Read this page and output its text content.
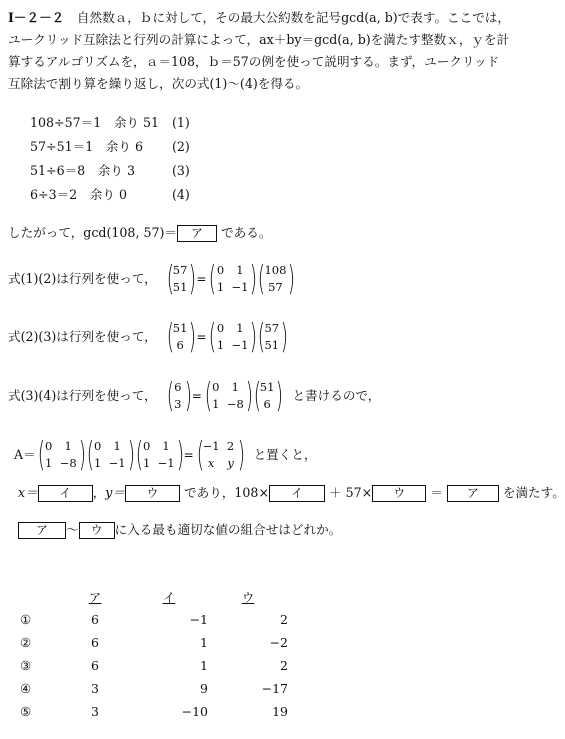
Ⅰ－２－２　 自然数ａ，ｂに対して，その最大公約数を記号gcd(a, b)で表す。ここでは，
ユークリッド互除法と行列の計算によって，ax＋by＝gcd(a, b)を満たす整数ｘ，ｙを計
算するアルゴリズムを，ａ＝108，ｂ＝57の例を使って説明する。まず，ユークリッド
互除法で割り算を繰り返し，次の式(1)～(4)を得る。
108÷57＝1　余り 51 (1)
57÷51＝1　余り 6 (2)
51÷6＝8　余り 3	(3)
6÷3＝2　余り 0	(4)
したがって，gcd(108, 57)＝ ア である。
式(1)(2)は行列を使って， (
57
51 ) = ( 0	1
1 −1 ) (
108
57 )
式(2)(3)は行列を使って， (
51
6 ) = ( 0	1
1 −1 ) (
57
51 )
式(3)(4)は行列を使って， ( 6
3 ) = ( 0	1
1 −8 ) (
51
6 ) と書けるので，
A＝ ( 0	1
1 −8 ) ( 0	1
1 −1 ) ( 0	1
1 −1 ) = (
−1 2
x	y ) と置くと，
x＝ イ ，y＝ ウ であり，108× イ ＋ 57× ウ ＝ ア を満たす。
ア ～ ウ に入る最も適切な値の組合せはどれか。
	ア	イ	ウ
①	6	−1	2
②	6	1	−2
③	6	1	2
④	3	9	−17
⑤	3	−10	19
